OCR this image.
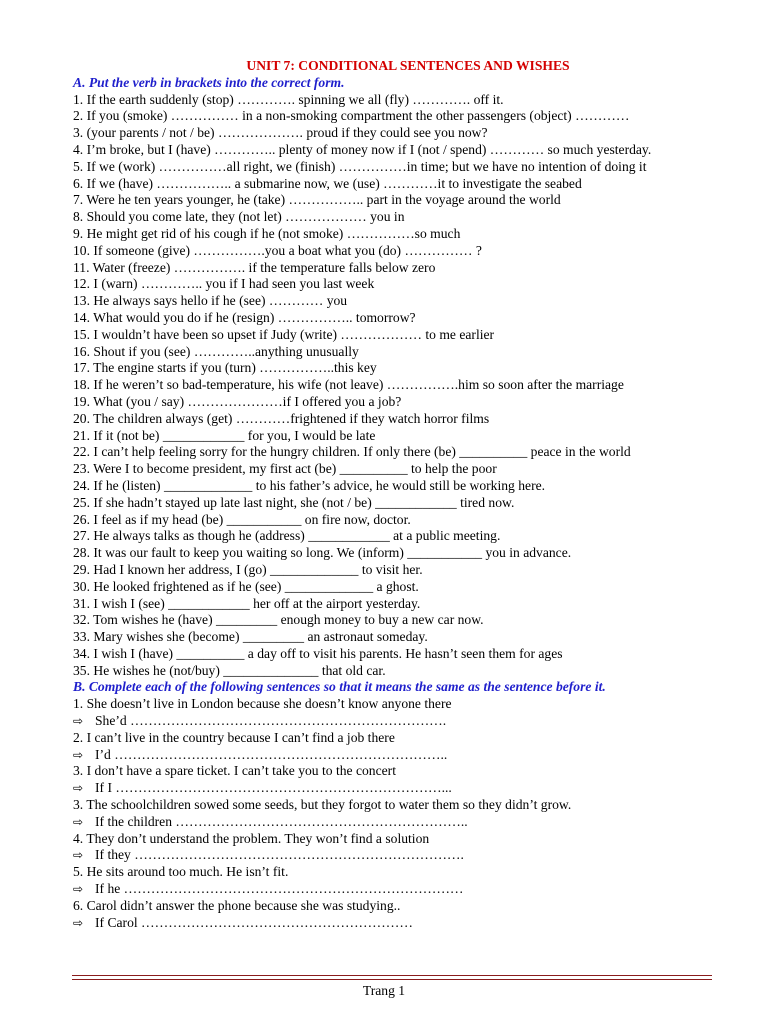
UNIT 7: CONDITIONAL SENTENCES AND WISHES
A. Put the verb in brackets into the correct form.
1. If the earth suddenly (stop) …………. spinning we all (fly) …………. off it.
2. If you (smoke) …………… in a non-smoking compartment the other passengers (object) …………
3. (your parents / not / be) ………………. proud if they could see you now?
4. I’m broke, but I (have) ………….. plenty of money now if I (not / spend) ………… so much yesterday.
5. If we (work) ……………all right, we (finish) ……………in time; but we have no intention of doing it
6. If we (have) …………….. a submarine now, we (use) …………it to investigate the seabed
7. Were he ten years younger, he (take) …………….. part in the voyage around the world
8. Should you come late, they (not let) ……………… you in
9. He might get rid of his cough if he (not smoke) ……………so much
10. If someone (give) …………….you a boat what you (do) …………… ?
11. Water (freeze) ……………. if the temperature falls below zero
12. I (warn) ………….. you if I had seen you last week
13. He always says hello if he (see) ………… you
14. What would you do if he (resign) …………….. tomorrow?
15. I wouldn’t have been so upset if Judy (write) ……………… to me earlier
16. Shout if you (see) …………..anything unusually
17. The engine starts if you (turn) ……………..this key
18. If he weren’t so bad-temperature, his wife (not leave) …………….him so soon after the marriage
19. What (you / say) …………………if I offered you a job?
20. The children always (get) …………frightened if they watch horror films
21. If it (not be) ____________ for you, I would be late
22. I can’t help feeling sorry for the hungry children. If only there (be) __________ peace in the world
23. Were I to become president, my first act (be) __________ to help the poor
24. If he (listen) _____________ to his father’s advice, he would still be working here.
25. If she hadn’t stayed up late last night, she (not / be) ____________ tired now.
26. I feel as if my head (be) ___________ on fire now, doctor.
27. He always talks as though he (address) ____________ at a public meeting.
28. It was our fault to keep you waiting so long. We (inform) ___________ you in advance.
29. Had I known her address, I (go) _____________ to visit her.
30. He looked frightened as if he (see) _____________ a ghost.
31. I wish I (see) ____________ her off at the airport yesterday.
32. Tom wishes he (have) _________ enough money to buy a new car now.
33. Mary wishes she (become) _________ an astronaut someday.
34. I wish I (have) __________ a day off to visit his parents. He hasn’t seen them for ages
35. He wishes he (not/buy) ______________ that old car.
B. Complete each of the following sentences so that it means the same as the sentence before it.
1. She doesn’t live in London because she doesn’t know anyone there
⇨ She’d …………………………………………………………….
2. I can’t live in the country because I can’t find a job there
⇨ I’d ………………………………………………………………..
3. I don’t have a spare ticket. I can’t take you to the concert
⇨ If I ………………………………………………………………...
3. The schoolchildren sowed some seeds, but they forgot to water them so they didn’t grow.
⇨ If the children ………………………………………………………..
4. They don’t understand the problem. They won’t find a solution
⇨ If they ……………………………………………………………….
5. He sits around too much. He isn’t fit.
⇨ If he …………………………………………………………………
6. Carol didn’t answer the phone because she was studying..
⇨ If Carol ……………………………………………………
Trang 1
